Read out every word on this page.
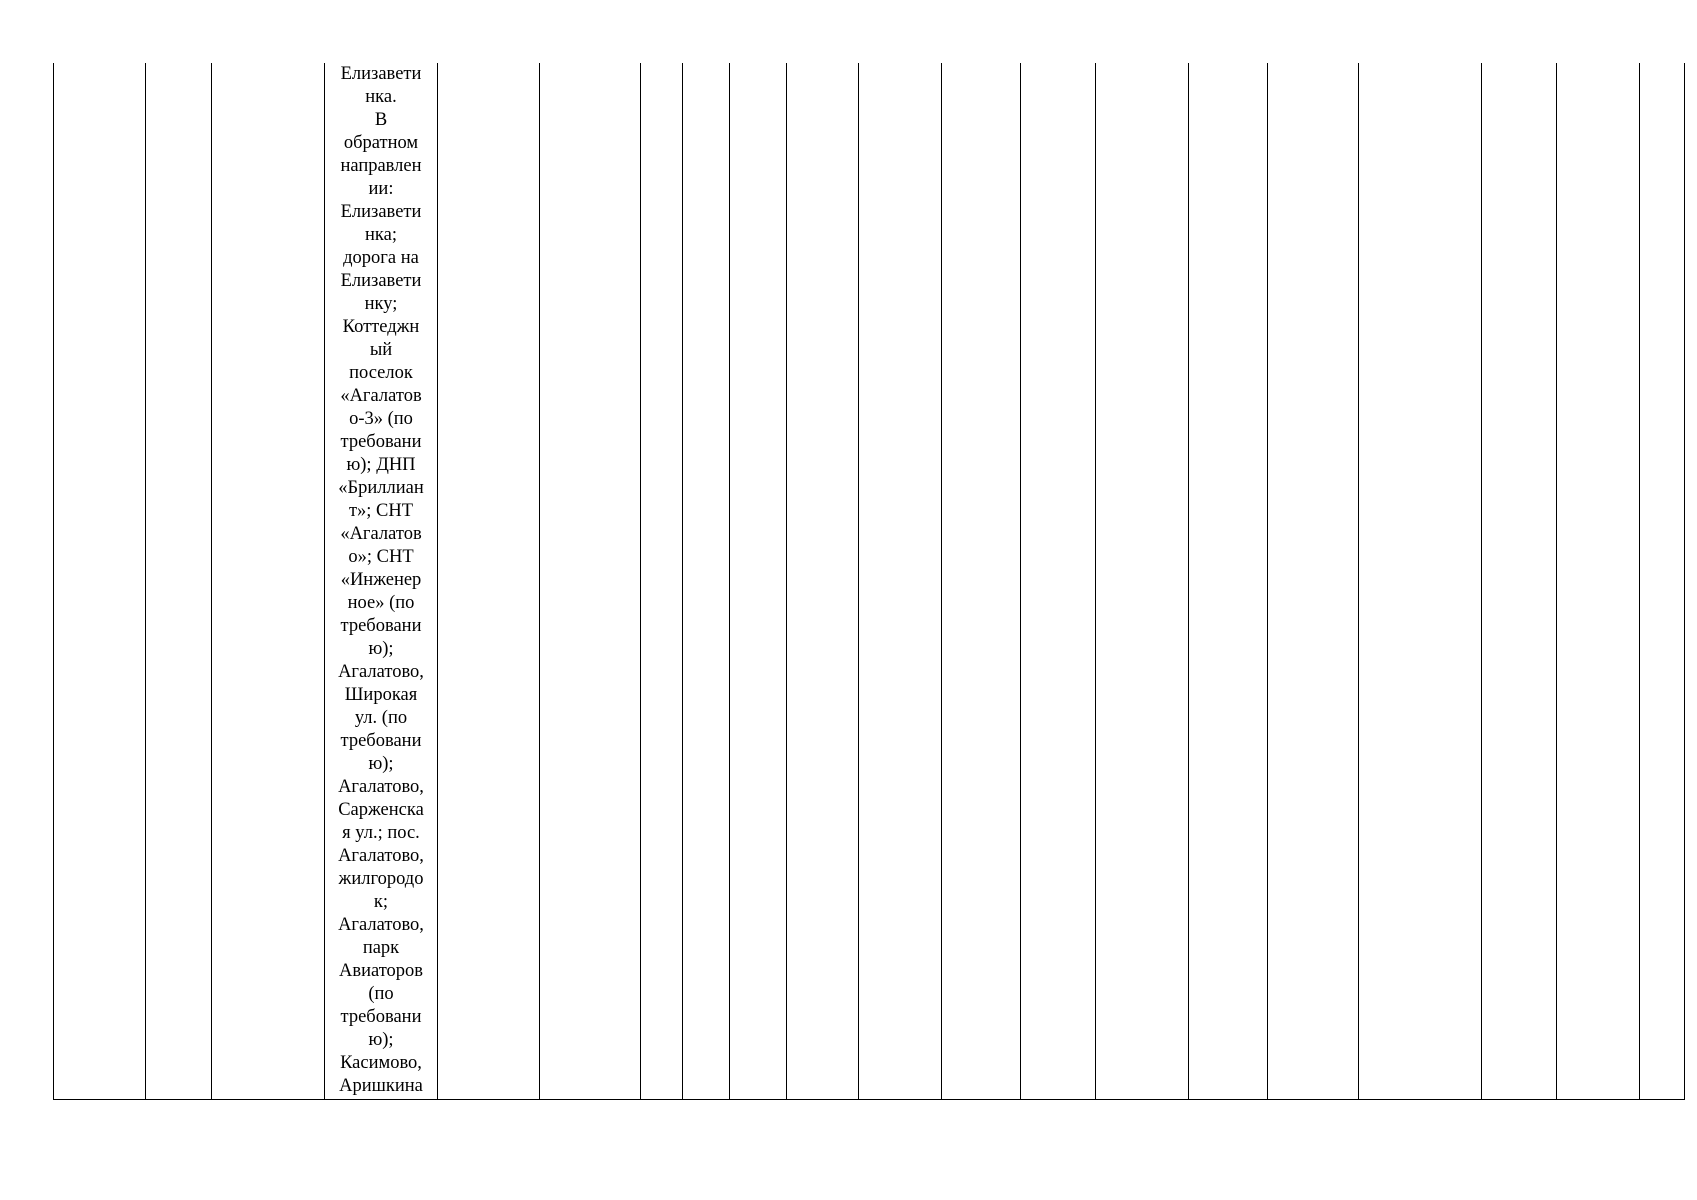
Елизавети
нка.
В
обратном
направлен
ии:
Елизавети
нка;
дорога на
Елизавети
нку;
Коттеджн
ый
поселок
«Агалатов
о-3» (по
требовани
ю); ДНП
«Бриллиан
т»; СНТ
«Агалатов
о»; СНТ
«Инженер
ное» (по
требовани
ю);
Агалатово,
Широкая
ул. (по
требовани
ю);
Агалатово,
Сарженска
я ул.; пос.
Агалатово,
жилгородо
к;
Агалатово,
парк
Авиаторов
(по
требовани
ю);
Касимово,
Аришкина
